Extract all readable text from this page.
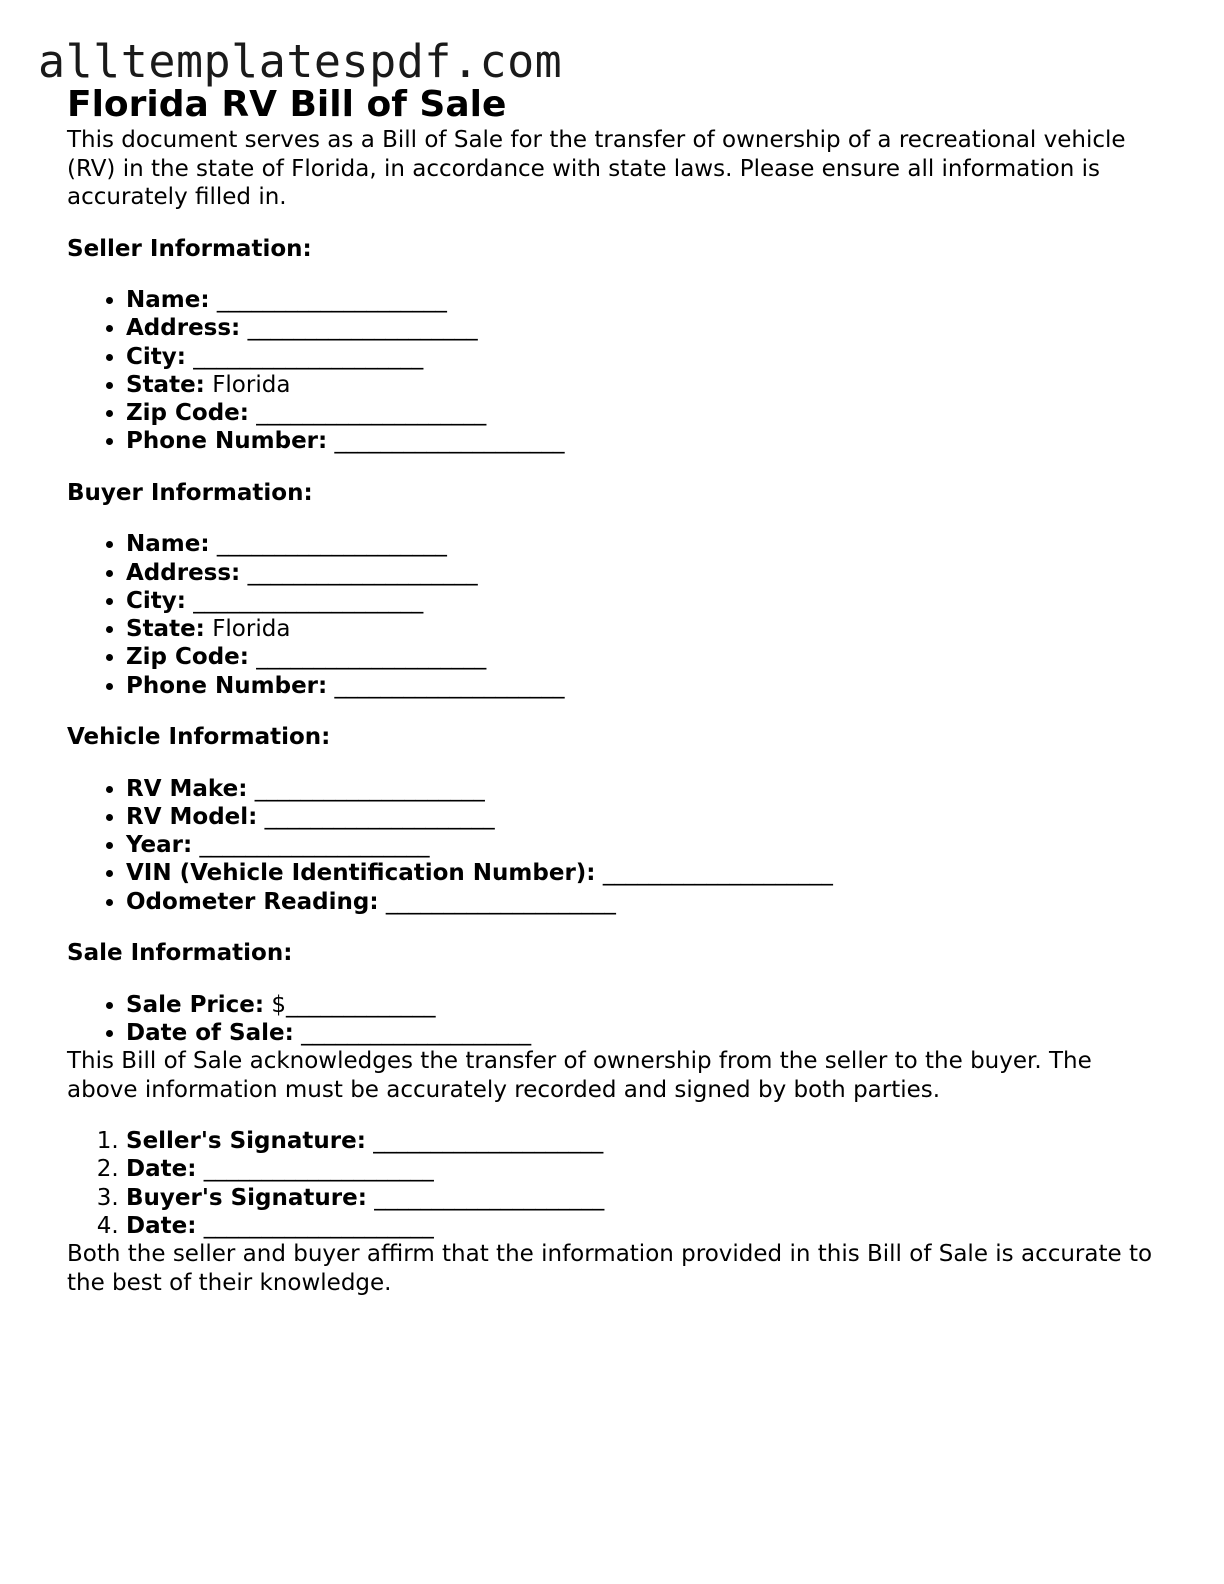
alltemplatespdf.com
Florida RV Bill of Sale

This document serves as a Bill of Sale for the transfer of ownership of a recreational vehicle (RV) in the state of Florida, in accordance with state laws. Please ensure all information is accurately filled in.

Seller Information:
• Name: ____________________
• Address: ____________________
• City: ____________________
• State: Florida
• Zip Code: ____________________
• Phone Number: ____________________
Buyer Information:
• Name: ____________________
• Address: ____________________
• City: ____________________
• State: Florida
• Zip Code: ____________________
• Phone Number: ____________________
Vehicle Information:
• RV Make: ____________________
• RV Model: ____________________
• Year: ____________________
• VIN (Vehicle Identification Number): ____________________
• Odometer Reading: ____________________
Sale Information:
• Sale Price: $_____________
• Date of Sale: ____________________

This Bill of Sale acknowledges the transfer of ownership from the seller to the buyer. The above information must be accurately recorded and signed by both parties.

1. Seller's Signature: ____________________
2. Date: ____________________
3. Buyer's Signature: ____________________
4. Date: ____________________

Both the seller and buyer affirm that the information provided in this Bill of Sale is accurate to the best of their knowledge.
